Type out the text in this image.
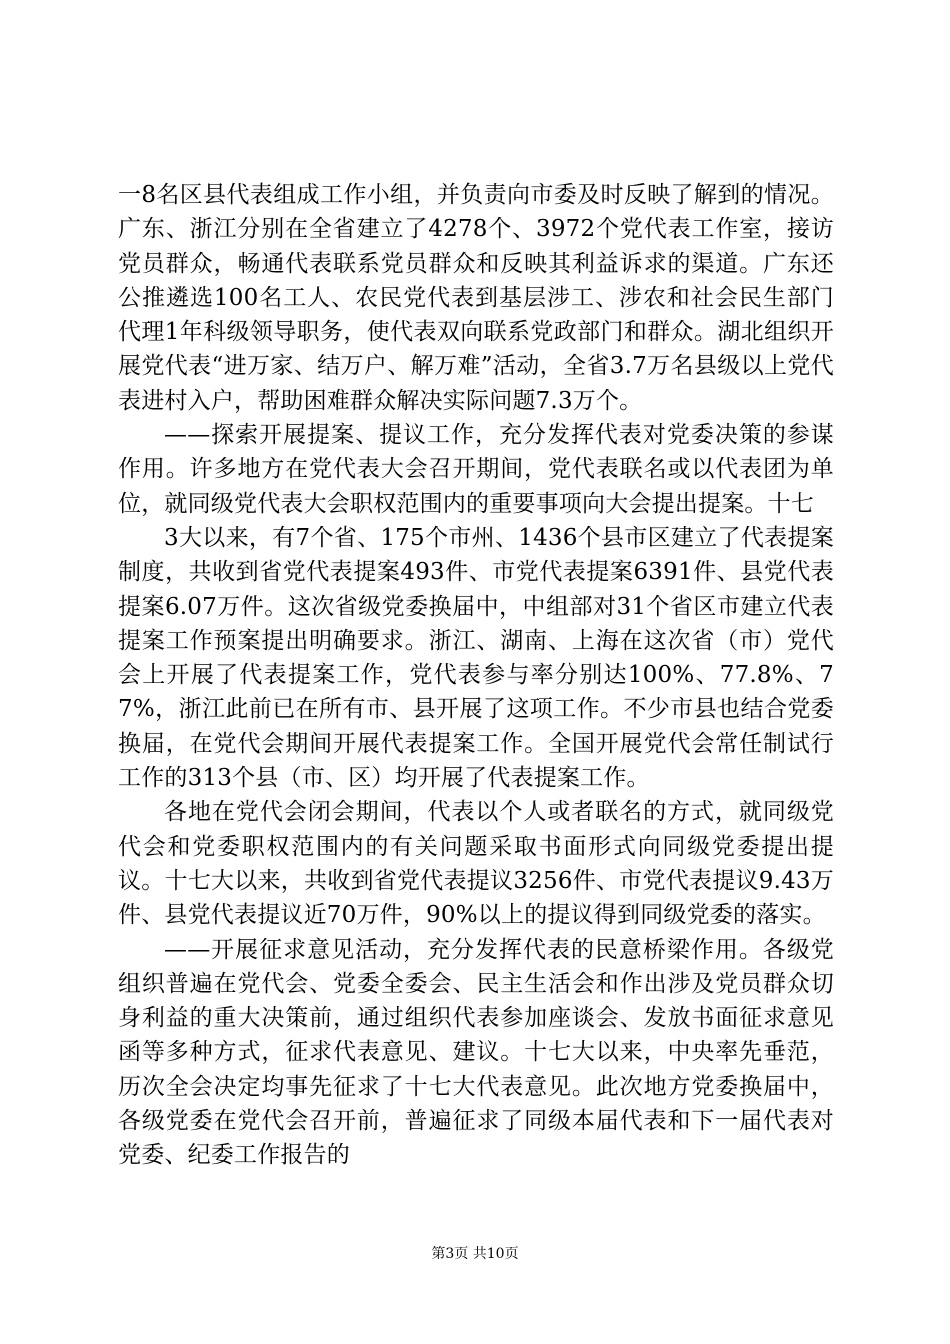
一8名区县代表组成工作小组，并负责向市委及时反映了解到的情况。广东、浙江分别在全省建立了4278个、3972个党代表工作室，接访党员群众，畅通代表联系党员群众和反映其利益诉求的渠道。广东还公推遴选100名工人、农民党代表到基层涉工、涉农和社会民生部门代理1年科级领导职务，使代表双向联系党政部门和群众。湖北组织开展党代表“进万家、结万户、解万难”活动，全省3.7万名县级以上党代表进村入户，帮助困难群众解决实际问题7.3万个。

——探索开展提案、提议工作，充分发挥代表对党委决策的参谋作用。许多地方在党代表大会召开期间，党代表联名或以代表团为单位，就同级党代表大会职权范围内的重要事项向大会提出提案。十七

3大以来，有7个省、175个市州、1436个县市区建立了代表提案制度，共收到省党代表提案493件、市党代表提案6391件、县党代表提案6.07万件。这次省级党委换届中，中组部对31个省区市建立代表提案工作预案提出明确要求。浙江、湖南、上海在这次省（市）党代会上开展了代表提案工作，党代表参与率分别达100%、77.8%、77%，浙江此前已在所有市、县开展了这项工作。不少市县也结合党委换届，在党代会期间开展代表提案工作。全国开展党代会常任制试行工作的313个县（市、区）均开展了代表提案工作。

各地在党代会闭会期间，代表以个人或者联名的方式，就同级党代会和党委职权范围内的有关问题采取书面形式向同级党委提出提议。十七大以来，共收到省党代表提议3256件、市党代表提议9.43万件、县党代表提议近70万件，90%以上的提议得到同级党委的落实。

——开展征求意见活动，充分发挥代表的民意桥梁作用。各级党组织普遍在党代会、党委全委会、民主生活会和作出涉及党员群众切身利益的重大决策前，通过组织代表参加座谈会、发放书面征求意见函等多种方式，征求代表意见、建议。十七大以来，中央率先垂范，历次全会决定均事先征求了十七大代表意见。此次地方党委换届中，各级党委在党代会召开前，普遍征求了同级本届代表和下一届代表对党委、纪委工作报告的

第3页 共10页
